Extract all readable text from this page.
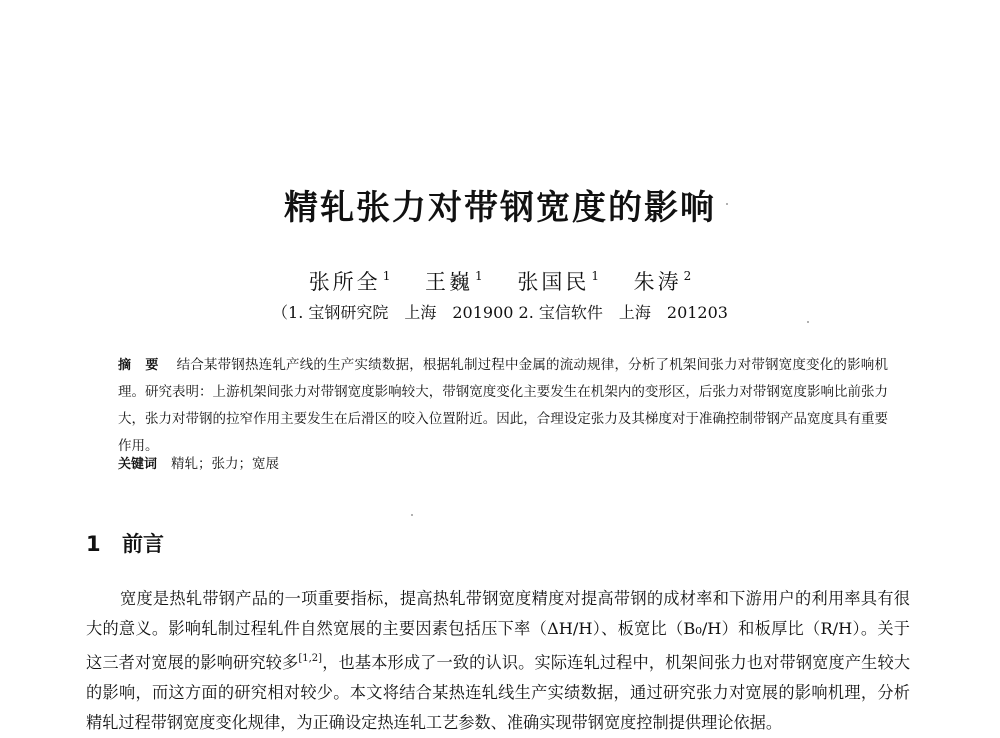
精轧张力对带钢宽度的影响
张所全 $^1$ 王巍 $^1$ 张国民 $^1$ 朱涛 $^2$

（1. 宝钢研究院　上海　201900 2. 宝信软件　上海　201203

摘 要 结合某带钢热连轧产线的生产实绩数据，根据轧制过程中金属的流动规律，分析了机架间张力对带钢宽度变化的影响机理。研究表明：上游机架间张力对带钢宽度影响较大，带钢宽度变化主要发生在机架内的变形区，后张力对带钢宽度影响比前张力大，张力对带钢的拉窄作用主要发生在后滑区的咬入位置附近。因此，合理设定张力及其梯度对于准确控制带钢产品宽度具有重要作用。

关键词 精轧；张力；宽展

1 前言

宽度是热轧带钢产品的一项重要指标，提高热轧带钢宽度精度对提高带钢的成材率和下游用户的利用率具有很大的意义。影响轧制过程轧件自然宽展的主要因素包括压下率（ΔH/H）、板宽比（B₀/H）和板厚比（R/H）。关于这三者对宽展的影响研究较多[1,2]，也基本形成了一致的认识。实际连轧过程中，机架间张力也对带钢宽度产生较大的影响，而这方面的研究相对较少。本文将结合某热连轧线生产实绩数据，通过研究张力对宽展的影响机理，分析精轧过程带钢宽度变化规律，为正确设定热连轧工艺参数、准确实现带钢宽度控制提供理论依据。
